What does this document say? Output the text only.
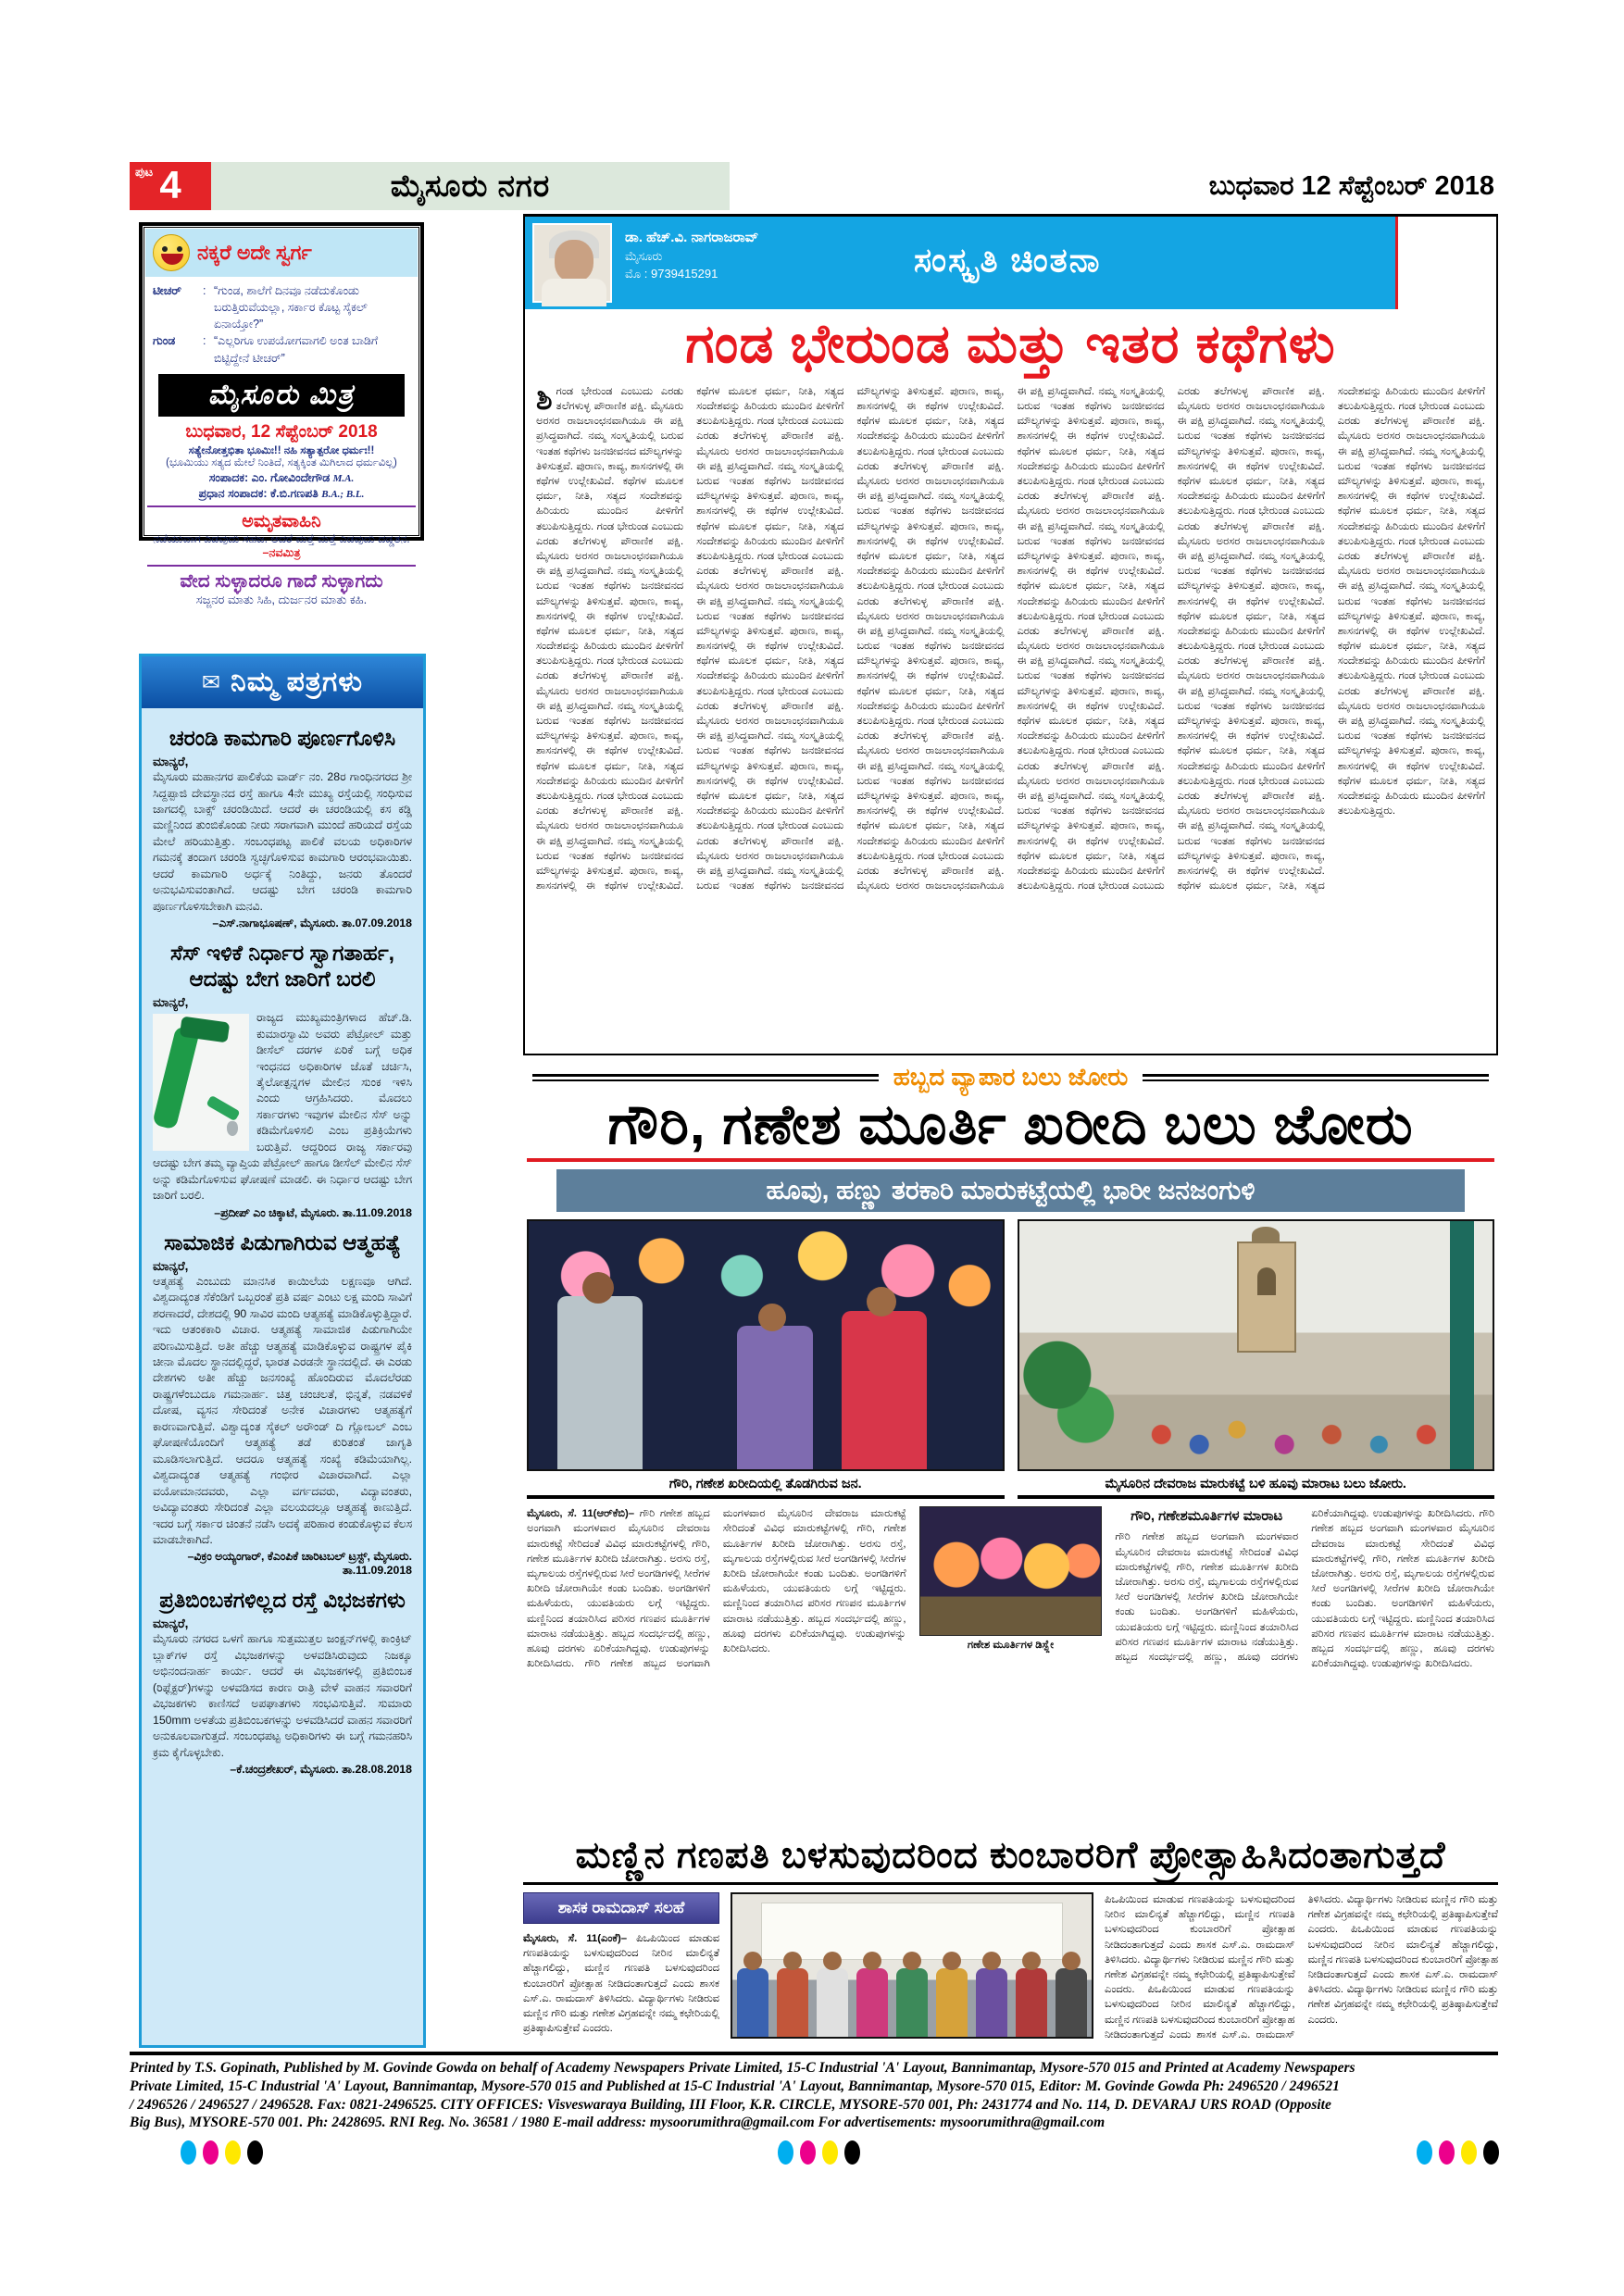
ಪುಟ 4	ಮೈಸೂರು ನಗರ	ಬುಧವಾರ 12 ಸೆಪ್ಟೆಂಬರ್ 2018
ನಕ್ಕರೆ ಅದೇ ಸ್ವರ್ಗ
ಟೀಚರ್	: “ಗುಂಡ, ಶಾಲೆಗೆ ದಿನವೂ ನಡೆದುಕೊಂಡು ಬರುತ್ತಿರುವೆಯಲ್ಲಾ, ಸರ್ಕಾರ ಕೊಟ್ಟ ಸೈಕಲ್ ಏನಾಯ್ತೋ?”
ಗುಂಡ	: “ಎಲ್ಲರಿಗೂ ಉಪಯೋಗವಾಗಲಿ ಅಂತ ಬಾಡಿಗೆ ಬಿಟ್ಟಿದ್ದೇನೆ ಟೀಚರ್”
ಮೈಸೂರು ಮಿತ್ರ
ಬುಧವಾರ, 12 ಸೆಪ್ಟೆಂಬರ್ 2018
ಸತ್ಯೇನೋತ್ತಭಿತಾ ಭೂಮಿಃ!! ನಹಿ ಸತ್ಯಾತ್ಪರೋ ಧರ್ಮಃ!!
(ಭೂಮಿಯು ಸತ್ಯದ ಮೇಲೆ ನಿಂತಿದೆ, ಸತ್ಯಕ್ಕಿಂತ ಮಿಗಿಲಾದ ಧರ್ಮವಿಲ್ಲ)
ಸಂಪಾದಕ: ಎಂ. ಗೋವಿಂದೇಗೌಡ M.A.
ಪ್ರಧಾನ ಸಂಪಾದಕ: ಕೆ.ಬಿ.ಗಣಪತಿ B.A.; B.L.
ಅಮೃತವಾಹಿನಿ
ನಡೆಯುವಾಗ ಎಡವುದು ಸಹಜ. ಆದರೆ ಮತ್ತೆ ಮತ್ತೆ ಎಡವುದು ದಡ್ಡತನ. –ನವಮಿತ್ರ
ವೇದ ಸುಳ್ಳಾದರೂ ಗಾದೆ ಸುಳ್ಳಾಗದು
ಸಜ್ಜನರ ಮಾತು ಸಿಹಿ, ದುರ್ಜನರ ಮಾತು ಕಹಿ.
✉ ನಿಮ್ಮ ಪತ್ರಗಳು
ಚರಂಡಿ ಕಾಮಗಾರಿ ಪೂರ್ಣಗೊಳಿಸಿ
ಮಾನ್ಯರೆ,
ಮೈಸೂರು ಮಹಾನಗರ ಪಾಲಿಕೆಯ ವಾರ್ಡ್ ನಂ. 28ರ ಗಾಂಧಿನಗರದ ಶ್ರೀ ಸಿದ್ದಪ್ಪಾಜಿ ದೇವಸ್ಥಾನದ ರಸ್ತೆ ಹಾಗೂ 4ನೇ ಮುಖ್ಯ ರಸ್ತೆಯಲ್ಲಿ ಸಂಧಿಸುವ ಜಾಗದಲ್ಲಿ ಬಾಕ್ಸ್ ಚರಂಡಿಯಿದೆ. ಆದರೆ ಈ ಚರಂಡಿಯಲ್ಲಿ ಕಸ ಕಡ್ಡಿ ಮಣ್ಣಿನಿಂದ ತುಂಬಿಕೊಂಡು ನೀರು ಸರಾಗವಾಗಿ ಮುಂದೆ ಹರಿಯದೆ ರಸ್ತೆಯ ಮೇಲೆ ಹರಿಯುತ್ತಿತ್ತು. ಸಂಬಂಧಪಟ್ಟ ಪಾಲಿಕೆ ವಲಯ ಅಧಿಕಾರಿಗಳ ಗಮನಕ್ಕೆ ತಂದಾಗ ಚರಂಡಿ ಸ್ವಚ್ಛಗೊಳಿಸುವ ಕಾಮಗಾರಿ ಆರಂಭವಾಯಿತು. ಆದರೆ ಕಾಮಗಾರಿ ಅರ್ಧಕ್ಕೆ ನಿಂತಿದ್ದು, ಜನರು ತೊಂದರೆ ಅನುಭವಿಸುವಂತಾಗಿದೆ. ಆದಷ್ಟು ಬೇಗ ಚರಂಡಿ ಕಾಮಗಾರಿ ಪೂರ್ಣಗೊಳಿಸಬೇಕಾಗಿ ಮನವಿ.
–ಎಸ್.ನಾಗಾಭೂಷಣ್, ಮೈಸೂರು. ತಾ.07.09.2018
ಸೆಸ್ ಇಳಿಕೆ ನಿರ್ಧಾರ ಸ್ವಾಗತಾರ್ಹ, ಆದಷ್ಟು ಬೇಗ ಜಾರಿಗೆ ಬರಲಿ
ಮಾನ್ಯರೆ,
ರಾಜ್ಯದ ಮುಖ್ಯಮಂತ್ರಿಗಳಾದ ಹೆಚ್.ಡಿ. ಕುಮಾರಸ್ವಾಮಿ ಅವರು ಪೆಟ್ರೋಲ್ ಮತ್ತು ಡೀಸೆಲ್ ದರಗಳ ಏರಿಕೆ ಬಗ್ಗೆ ಅಧಿಕ ಇಂಧನದ ಅಧಿಕಾರಿಗಳ ಜೊತೆ ಚರ್ಚಿಸಿ, ತೈಲೋತ್ಪನ್ನಗಳ ಮೇಲಿನ ಸುಂಕ ಇಳಿಸಿ ಎಂದು ಆಗ್ರಹಿಸಿದರು. ಮೊದಲು ಸರ್ಕಾರಗಳು ಇವುಗಳ ಮೇಲಿನ ಸೆಸ್ ಅನ್ನು ಕಡಿಮೆಗೊಳಿಸಲಿ ಎಂಬ ಪ್ರತಿಕ್ರಿಯೆಗಳು ಬರುತ್ತಿವೆ. ಆದ್ದರಿಂದ ರಾಜ್ಯ ಸರ್ಕಾರವು ಆದಷ್ಟು ಬೇಗ ತಮ್ಮ ವ್ಯಾಪ್ತಿಯ ಪೆಟ್ರೋಲ್ ಹಾಗೂ ಡೀಸೆಲ್ ಮೇಲಿನ ಸೆಸ್ ಅನ್ನು ಕಡಿಮೆಗೊಳಿಸುವ ಘೋಷಣೆ ಮಾಡಲಿ. ಈ ನಿರ್ಧಾರ ಆದಷ್ಟು ಬೇಗ ಜಾರಿಗೆ ಬರಲಿ.
–ಪ್ರದೀಪ್ ಎಂ ಚಿಕ್ಕಾಟೆ, ಮೈಸೂರು. ತಾ.11.09.2018
ಸಾಮಾಜಿಕ ಪಿಡುಗಾಗಿರುವ ಆತ್ಮಹತ್ಯೆ
ಮಾನ್ಯರೆ,
ಆತ್ಮಹತ್ಯೆ ಎಂಬುದು ಮಾನಸಿಕ ಕಾಯಿಲೆಯ ಲಕ್ಷಣವೂ ಆಗಿದೆ. ವಿಶ್ವದಾದ್ಯಂತ ಸೆಕೆಂಡಿಗೆ ಒಬ್ಬರಂತೆ ಪ್ರತಿ ವರ್ಷ ಎಂಟು ಲಕ್ಷ ಮಂದಿ ಸಾವಿಗೆ ಶರಣಾದರೆ, ದೇಶದಲ್ಲಿ 90 ಸಾವಿರ ಮಂದಿ ಆತ್ಮಹತ್ಯೆ ಮಾಡಿಕೊಳ್ಳುತ್ತಿದ್ದಾರೆ. ಇದು ಆತಂಕಕಾರಿ ವಿಚಾರ. ಆತ್ಮಹತ್ಯೆ ಸಾಮಾಜಿಕ ಪಿಡುಗಾಗಿಯೇ ಪರಿಣಮಿಸುತ್ತಿದೆ. ಅತೀ ಹೆಚ್ಚು ಆತ್ಮಹತ್ಯೆ ಮಾಡಿಕೊಳ್ಳುವ ರಾಷ್ಟ್ರಗಳ ಪೈಕಿ ಚೀನಾ ಮೊದಲ ಸ್ಥಾನದಲ್ಲಿದ್ದರೆ, ಭಾರತ ಎರಡನೇ ಸ್ಥಾನದಲ್ಲಿದೆ. ಈ ಎರಡು ದೇಶಗಳು ಅತೀ ಹೆಚ್ಚು ಜನಸಂಖ್ಯೆ ಹೊಂದಿರುವ ಮೊದಲೆರಡು ರಾಷ್ಟ್ರಗಳೆಂಬುದೂ ಗಮನಾರ್ಹ. ಚಿತ್ತ ಚಂಚಲತೆ, ಭಿನ್ನತೆ, ನಡವಳಿಕೆ ದೋಷ, ವ್ಯಸನ ಸೇರಿದಂತೆ ಅನೇಕ ವಿಚಾರಗಳು ಆತ್ಮಹತ್ಯೆಗೆ ಕಾರಣವಾಗುತ್ತಿವೆ. ವಿಶ್ವಾದ್ಯಂತ ಸೈಕಲ್ ಅರೌಂಡ್ ದಿ ಗ್ಲೋಬಲ್ ಎಂಬ ಘೋಷಣೆಯೊಂದಿಗೆ ಆತ್ಮಹತ್ಯೆ ತಡೆ ಕುರಿತಂತೆ ಜಾಗೃತಿ ಮೂಡಿಸಲಾಗುತ್ತಿದೆ. ಆದರೂ ಆತ್ಮಹತ್ಯೆ ಸಂಖ್ಯೆ ಕಡಿಮೆಯಾಗಿಲ್ಲ. ವಿಶ್ವದಾದ್ಯಂತ ಆತ್ಮಹತ್ಯೆ ಗಂಭೀರ ವಿಚಾರವಾಗಿದೆ. ಎಲ್ಲಾ ವಯೋಮಾನದವರು, ಎಲ್ಲಾ ವರ್ಗದವರು, ವಿದ್ಯಾವಂತರು, ಅವಿದ್ಯಾವಂತರು ಸೇರಿದಂತೆ ಎಲ್ಲಾ ವಲಯದಲ್ಲೂ ಆತ್ಮಹತ್ಯೆ ಕಾಣುತ್ತಿದೆ. ಇದರ ಬಗ್ಗೆ ಸರ್ಕಾರ ಚಿಂತನೆ ನಡೆಸಿ ಅದಕ್ಕೆ ಪರಿಹಾರ ಕಂಡುಕೊಳ್ಳುವ ಕೆಲಸ ಮಾಡಬೇಕಾಗಿದೆ.
–ವಿಕ್ರಂ ಅಯ್ಯಂಗಾರ್, ಕೆಎಂಪಿಕೆ ಚಾರಿಟಬಲ್ ಟ್ರಸ್ಟ್, ಮೈಸೂರು. ತಾ.11.09.2018
ಪ್ರತಿಬಿಂಬಕಗಳಿಲ್ಲದ ರಸ್ತೆ ವಿಭಜಕಗಳು
ಮಾನ್ಯರೆ,
ಮೈಸೂರು ನಗರದ ಒಳಗೆ ಹಾಗೂ ಸುತ್ತಮುತ್ತಲ ಜಂಕ್ಷನ್‌ಗಳಲ್ಲಿ ಕಾಂಕ್ರಿಟ್ ಬ್ಲಾಕ್‌ಗಳ ರಸ್ತೆ ವಿಭಜಕಗಳನ್ನು ಅಳವಡಿಸಿರುವುದು ನಿಜಕ್ಕೂ ಅಭಿನಂದನಾರ್ಹ ಕಾರ್ಯ. ಆದರೆ ಈ ವಿಭಜಕಗಳಲ್ಲಿ ಪ್ರತಿಬಿಂಬಕ (ರಿಫ್ಲೆಕ್ಟರ್)ಗಳನ್ನು ಅಳವಡಿಸದ ಕಾರಣ ರಾತ್ರಿ ವೇಳೆ ವಾಹನ ಸವಾರರಿಗೆ ವಿಭಜಕಗಳು ಕಾಣಿಸದೆ ಅಪಘಾತಗಳು ಸಂಭವಿಸುತ್ತಿವೆ. ಸುಮಾರು 150mm ಅಳತೆಯ ಪ್ರತಿಬಿಂಬಕಗಳನ್ನು ಅಳವಡಿಸಿದರೆ ವಾಹನ ಸವಾರರಿಗೆ ಅನುಕೂಲವಾಗುತ್ತದೆ. ಸಂಬಂಧಪಟ್ಟ ಅಧಿಕಾರಿಗಳು ಈ ಬಗ್ಗೆ ಗಮನಹರಿಸಿ ಕ್ರಮ ಕೈಗೊಳ್ಳಬೇಕು.
–ಕೆ.ಚಂದ್ರಶೇಖರ್, ಮೈಸೂರು. ತಾ.28.08.2018
ಡಾ. ಹೆಚ್.ವಿ. ನಾಗರಾಜರಾವ್
ಮೈಸೂರು
ಮೊ : 9739415291	ಸಂಸ್ಕೃತಿ ಚಿಂತನಾ
ಗಂಡ ಭೇರುಂಡ ಮತ್ತು ಇತರ ಕಥೆಗಳು
ಶಿ ಗಂಡ ಭೇರುಂಡ ಎಂಬುದು ಎರಡು ತಲೆಗಳುಳ್ಳ ಪೌರಾಣಿಕ ಪಕ್ಷಿ. ಮೈಸೂರು ಅರಸರ ರಾಜಲಾಂಛನವಾಗಿಯೂ ಈ ಪಕ್ಷಿ ಪ್ರಸಿದ್ಧವಾಗಿದೆ. ನಮ್ಮ ಸಂಸ್ಕೃತಿಯಲ್ಲಿ ಬರುವ ಇಂತಹ ಕಥೆಗಳು ಜನಜೀವನದ ಮೌಲ್ಯಗಳನ್ನು ತಿಳಿಸುತ್ತವೆ. ಪುರಾಣ, ಕಾವ್ಯ, ಶಾಸನಗಳಲ್ಲಿ ಈ ಕಥೆಗಳ ಉಲ್ಲೇಖವಿದೆ. ಕಥೆಗಳ ಮೂಲಕ ಧರ್ಮ, ನೀತಿ, ಸತ್ಯದ ಸಂದೇಶವನ್ನು ಹಿರಿಯರು ಮುಂದಿನ ಪೀಳಿಗೆಗೆ ತಲುಪಿಸುತ್ತಿದ್ದರು. ಗಂಡ ಭೇರುಂಡ ಎಂಬುದು ಎರಡು ತಲೆಗಳುಳ್ಳ ಪೌರಾಣಿಕ ಪಕ್ಷಿ. ಮೈಸೂರು ಅರಸರ ರಾಜಲಾಂಛನವಾಗಿಯೂ ಈ ಪಕ್ಷಿ ಪ್ರಸಿದ್ಧವಾಗಿದೆ. ನಮ್ಮ ಸಂಸ್ಕೃತಿಯಲ್ಲಿ ಬರುವ ಇಂತಹ ಕಥೆಗಳು ಜನಜೀವನದ ಮೌಲ್ಯಗಳನ್ನು ತಿಳಿಸುತ್ತವೆ. ಪುರಾಣ, ಕಾವ್ಯ, ಶಾಸನಗಳಲ್ಲಿ ಈ ಕಥೆಗಳ ಉಲ್ಲೇಖವಿದೆ. ಕಥೆಗಳ ಮೂಲಕ ಧರ್ಮ, ನೀತಿ, ಸತ್ಯದ ಸಂದೇಶವನ್ನು ಹಿರಿಯರು ಮುಂದಿನ ಪೀಳಿಗೆಗೆ ತಲುಪಿಸುತ್ತಿದ್ದರು. ಗಂಡ ಭೇರುಂಡ ಎಂಬುದು ಎರಡು ತಲೆಗಳುಳ್ಳ ಪೌರಾಣಿಕ ಪಕ್ಷಿ. ಮೈಸೂರು ಅರಸರ ರಾಜಲಾಂಛನವಾಗಿಯೂ ಈ ಪಕ್ಷಿ ಪ್ರಸಿದ್ಧವಾಗಿದೆ. ನಮ್ಮ ಸಂಸ್ಕೃತಿಯಲ್ಲಿ ಬರುವ ಇಂತಹ ಕಥೆಗಳು ಜನಜೀವನದ ಮೌಲ್ಯಗಳನ್ನು ತಿಳಿಸುತ್ತವೆ. ಪುರಾಣ, ಕಾವ್ಯ, ಶಾಸನಗಳಲ್ಲಿ ಈ ಕಥೆಗಳ ಉಲ್ಲೇಖವಿದೆ. ಕಥೆಗಳ ಮೂಲಕ ಧರ್ಮ, ನೀತಿ, ಸತ್ಯದ ಸಂದೇಶವನ್ನು ಹಿರಿಯರು ಮುಂದಿನ ಪೀಳಿಗೆಗೆ ತಲುಪಿಸುತ್ತಿದ್ದರು. ಗಂಡ ಭೇರುಂಡ ಎಂಬುದು ಎರಡು ತಲೆಗಳುಳ್ಳ ಪೌರಾಣಿಕ ಪಕ್ಷಿ. ಮೈಸೂರು ಅರಸರ ರಾಜಲಾಂಛನವಾಗಿಯೂ ಈ ಪಕ್ಷಿ ಪ್ರಸಿದ್ಧವಾಗಿದೆ. ನಮ್ಮ ಸಂಸ್ಕೃತಿಯಲ್ಲಿ ಬರುವ ಇಂತಹ ಕಥೆಗಳು ಜನಜೀವನದ ಮೌಲ್ಯಗಳನ್ನು ತಿಳಿಸುತ್ತವೆ. ಪುರಾಣ, ಕಾವ್ಯ, ಶಾಸನಗಳಲ್ಲಿ ಈ ಕಥೆಗಳ ಉಲ್ಲೇಖವಿದೆ. ಕಥೆಗಳ ಮೂಲಕ ಧರ್ಮ, ನೀತಿ, ಸತ್ಯದ ಸಂದೇಶವನ್ನು ಹಿರಿಯರು ಮುಂದಿನ ಪೀಳಿಗೆಗೆ ತಲುಪಿಸುತ್ತಿದ್ದರು. ಗಂಡ ಭೇರುಂಡ ಎಂಬುದು ಎರಡು ತಲೆಗಳುಳ್ಳ ಪೌರಾಣಿಕ ಪಕ್ಷಿ. ಮೈಸೂರು ಅರಸರ ರಾಜಲಾಂಛನವಾಗಿಯೂ ಈ ಪಕ್ಷಿ ಪ್ರಸಿದ್ಧವಾಗಿದೆ. ನಮ್ಮ ಸಂಸ್ಕೃತಿಯಲ್ಲಿ ಬರುವ ಇಂತಹ ಕಥೆಗಳು ಜನಜೀವನದ ಮೌಲ್ಯಗಳನ್ನು ತಿಳಿಸುತ್ತವೆ. ಪುರಾಣ, ಕಾವ್ಯ, ಶಾಸನಗಳಲ್ಲಿ ಈ ಕಥೆಗಳ ಉಲ್ಲೇಖವಿದೆ. ಕಥೆಗಳ ಮೂಲಕ ಧರ್ಮ, ನೀತಿ, ಸತ್ಯದ ಸಂದೇಶವನ್ನು ಹಿರಿಯರು ಮುಂದಿನ ಪೀಳಿಗೆಗೆ ತಲುಪಿಸುತ್ತಿದ್ದರು. ಗಂಡ ಭೇರುಂಡ ಎಂಬುದು ಎರಡು ತಲೆಗಳುಳ್ಳ ಪೌರಾಣಿಕ ಪಕ್ಷಿ. ಮೈಸೂರು ಅರಸರ ರಾಜಲಾಂಛನವಾಗಿಯೂ ಈ ಪಕ್ಷಿ ಪ್ರಸಿದ್ಧವಾಗಿದೆ. ನಮ್ಮ ಸಂಸ್ಕೃತಿಯಲ್ಲಿ ಬರುವ ಇಂತಹ ಕಥೆಗಳು ಜನಜೀವನದ ಮೌಲ್ಯಗಳನ್ನು ತಿಳಿಸುತ್ತವೆ. ಪುರಾಣ, ಕಾವ್ಯ, ಶಾಸನಗಳಲ್ಲಿ ಈ ಕಥೆಗಳ ಉಲ್ಲೇಖವಿದೆ. ಕಥೆಗಳ ಮೂಲಕ ಧರ್ಮ, ನೀತಿ, ಸತ್ಯದ ಸಂದೇಶವನ್ನು ಹಿರಿಯರು ಮುಂದಿನ ಪೀಳಿಗೆಗೆ ತಲುಪಿಸುತ್ತಿದ್ದರು. ಗಂಡ ಭೇರುಂಡ ಎಂಬುದು ಎರಡು ತಲೆಗಳುಳ್ಳ ಪೌರಾಣಿಕ ಪಕ್ಷಿ. ಮೈಸೂರು ಅರಸರ ರಾಜಲಾಂಛನವಾಗಿಯೂ ಈ ಪಕ್ಷಿ ಪ್ರಸಿದ್ಧವಾಗಿದೆ. ನಮ್ಮ ಸಂಸ್ಕೃತಿಯಲ್ಲಿ ಬರುವ ಇಂತಹ ಕಥೆಗಳು ಜನಜೀವನದ ಮೌಲ್ಯಗಳನ್ನು ತಿಳಿಸುತ್ತವೆ. ಪುರಾಣ, ಕಾವ್ಯ, ಶಾಸನಗಳಲ್ಲಿ ಈ ಕಥೆಗಳ ಉಲ್ಲೇಖವಿದೆ. ಕಥೆಗಳ ಮೂಲಕ ಧರ್ಮ, ನೀತಿ, ಸತ್ಯದ ಸಂದೇಶವನ್ನು ಹಿರಿಯರು ಮುಂದಿನ ಪೀಳಿಗೆಗೆ ತಲುಪಿಸುತ್ತಿದ್ದರು. ಗಂಡ ಭೇರುಂಡ ಎಂಬುದು ಎರಡು ತಲೆಗಳುಳ್ಳ ಪೌರಾಣಿಕ ಪಕ್ಷಿ. ಮೈಸೂರು ಅರಸರ ರಾಜಲಾಂಛನವಾಗಿಯೂ ಈ ಪಕ್ಷಿ ಪ್ರಸಿದ್ಧವಾಗಿದೆ. ನಮ್ಮ ಸಂಸ್ಕೃತಿಯಲ್ಲಿ ಬರುವ ಇಂತಹ ಕಥೆಗಳು ಜನಜೀವನದ ಮೌಲ್ಯಗಳನ್ನು ತಿಳಿಸುತ್ತವೆ. ಪುರಾಣ, ಕಾವ್ಯ, ಶಾಸನಗಳಲ್ಲಿ ಈ ಕಥೆಗಳ ಉಲ್ಲೇಖವಿದೆ. ಕಥೆಗಳ ಮೂಲಕ ಧರ್ಮ, ನೀತಿ, ಸತ್ಯದ ಸಂದೇಶವನ್ನು ಹಿರಿಯರು ಮುಂದಿನ ಪೀಳಿಗೆಗೆ ತಲುಪಿಸುತ್ತಿದ್ದರು. ಗಂಡ ಭೇರುಂಡ ಎಂಬುದು ಎರಡು ತಲೆಗಳುಳ್ಳ ಪೌರಾಣಿಕ ಪಕ್ಷಿ. ಮೈಸೂರು ಅರಸರ ರಾಜಲಾಂಛನವಾಗಿಯೂ ಈ ಪಕ್ಷಿ ಪ್ರಸಿದ್ಧವಾಗಿದೆ. ನಮ್ಮ ಸಂಸ್ಕೃತಿಯಲ್ಲಿ ಬರುವ ಇಂತಹ ಕಥೆಗಳು ಜನಜೀವನದ ಮೌಲ್ಯಗಳನ್ನು ತಿಳಿಸುತ್ತವೆ. ಪುರಾಣ, ಕಾವ್ಯ, ಶಾಸನಗಳಲ್ಲಿ ಈ ಕಥೆಗಳ ಉಲ್ಲೇಖವಿದೆ. ಕಥೆಗಳ ಮೂಲಕ ಧರ್ಮ, ನೀತಿ, ಸತ್ಯದ ಸಂದೇಶವನ್ನು ಹಿರಿಯರು ಮುಂದಿನ ಪೀಳಿಗೆಗೆ ತಲುಪಿಸುತ್ತಿದ್ದರು. ಗಂಡ ಭೇರುಂಡ ಎಂಬುದು ಎರಡು ತಲೆಗಳುಳ್ಳ ಪೌರಾಣಿಕ ಪಕ್ಷಿ. ಮೈಸೂರು ಅರಸರ ರಾಜಲಾಂಛನವಾಗಿಯೂ ಈ ಪಕ್ಷಿ ಪ್ರಸಿದ್ಧವಾಗಿದೆ. ನಮ್ಮ ಸಂಸ್ಕೃತಿಯಲ್ಲಿ ಬರುವ ಇಂತಹ ಕಥೆಗಳು ಜನಜೀವನದ ಮೌಲ್ಯಗಳನ್ನು ತಿಳಿಸುತ್ತವೆ. ಪುರಾಣ, ಕಾವ್ಯ, ಶಾಸನಗಳಲ್ಲಿ ಈ ಕಥೆಗಳ ಉಲ್ಲೇಖವಿದೆ. ಕಥೆಗಳ ಮೂಲಕ ಧರ್ಮ, ನೀತಿ, ಸತ್ಯದ ಸಂದೇಶವನ್ನು ಹಿರಿಯರು ಮುಂದಿನ ಪೀಳಿಗೆಗೆ ತಲುಪಿಸುತ್ತಿದ್ದರು. ಗಂಡ ಭೇರುಂಡ ಎಂಬುದು ಎರಡು ತಲೆಗಳುಳ್ಳ ಪೌರಾಣಿಕ ಪಕ್ಷಿ. ಮೈಸೂರು ಅರಸರ ರಾಜಲಾಂಛನವಾಗಿಯೂ ಈ ಪಕ್ಷಿ ಪ್ರಸಿದ್ಧವಾಗಿದೆ. ನಮ್ಮ ಸಂಸ್ಕೃತಿಯಲ್ಲಿ ಬರುವ ಇಂತಹ ಕಥೆಗಳು ಜನಜೀವನದ ಮೌಲ್ಯಗಳನ್ನು ತಿಳಿಸುತ್ತವೆ. ಪುರಾಣ, ಕಾವ್ಯ, ಶಾಸನಗಳಲ್ಲಿ ಈ ಕಥೆಗಳ ಉಲ್ಲೇಖವಿದೆ. ಕಥೆಗಳ ಮೂಲಕ ಧರ್ಮ, ನೀತಿ, ಸತ್ಯದ ಸಂದೇಶವನ್ನು ಹಿರಿಯರು ಮುಂದಿನ ಪೀಳಿಗೆಗೆ ತಲುಪಿಸುತ್ತಿದ್ದರು. ಗಂಡ ಭೇರುಂಡ ಎಂಬುದು ಎರಡು ತಲೆಗಳುಳ್ಳ ಪೌರಾಣಿಕ ಪಕ್ಷಿ. ಮೈಸೂರು ಅರಸರ ರಾಜಲಾಂಛನವಾಗಿಯೂ ಈ ಪಕ್ಷಿ ಪ್ರಸಿದ್ಧವಾಗಿದೆ. ನಮ್ಮ ಸಂಸ್ಕೃತಿಯಲ್ಲಿ ಬರುವ ಇಂತಹ ಕಥೆಗಳು ಜನಜೀವನದ ಮೌಲ್ಯಗಳನ್ನು ತಿಳಿಸುತ್ತವೆ. ಪುರಾಣ, ಕಾವ್ಯ, ಶಾಸನಗಳಲ್ಲಿ ಈ ಕಥೆಗಳ ಉಲ್ಲೇಖವಿದೆ. ಕಥೆಗಳ ಮೂಲಕ ಧರ್ಮ, ನೀತಿ, ಸತ್ಯದ ಸಂದೇಶವನ್ನು ಹಿರಿಯರು ಮುಂದಿನ ಪೀಳಿಗೆಗೆ ತಲುಪಿಸುತ್ತಿದ್ದರು. ಗಂಡ ಭೇರುಂಡ ಎಂಬುದು ಎರಡು ತಲೆಗಳುಳ್ಳ ಪೌರಾಣಿಕ ಪಕ್ಷಿ. ಮೈಸೂರು ಅರಸರ ರಾಜಲಾಂಛನವಾಗಿಯೂ ಈ ಪಕ್ಷಿ ಪ್ರಸಿದ್ಧವಾಗಿದೆ. ನಮ್ಮ ಸಂಸ್ಕೃತಿಯಲ್ಲಿ ಬರುವ ಇಂತಹ ಕಥೆಗಳು ಜನಜೀವನದ ಮೌಲ್ಯಗಳನ್ನು ತಿಳಿಸುತ್ತವೆ. ಪುರಾಣ, ಕಾವ್ಯ, ಶಾಸನಗಳಲ್ಲಿ ಈ ಕಥೆಗಳ ಉಲ್ಲೇಖವಿದೆ. ಕಥೆಗಳ ಮೂಲಕ ಧರ್ಮ, ನೀತಿ, ಸತ್ಯದ ಸಂದೇಶವನ್ನು ಹಿರಿಯರು ಮುಂದಿನ ಪೀಳಿಗೆಗೆ ತಲುಪಿಸುತ್ತಿದ್ದರು. ಗಂಡ ಭೇರುಂಡ ಎಂಬುದು ಎರಡು ತಲೆಗಳುಳ್ಳ ಪೌರಾಣಿಕ ಪಕ್ಷಿ. ಮೈಸೂರು ಅರಸರ ರಾಜಲಾಂಛನವಾಗಿಯೂ ಈ ಪಕ್ಷಿ ಪ್ರಸಿದ್ಧವಾಗಿದೆ. ನಮ್ಮ ಸಂಸ್ಕೃತಿಯಲ್ಲಿ ಬರುವ ಇಂತಹ ಕಥೆಗಳು ಜನಜೀವನದ ಮೌಲ್ಯಗಳನ್ನು ತಿಳಿಸುತ್ತವೆ. ಪುರಾಣ, ಕಾವ್ಯ, ಶಾಸನಗಳಲ್ಲಿ ಈ ಕಥೆಗಳ ಉಲ್ಲೇಖವಿದೆ. ಕಥೆಗಳ ಮೂಲಕ ಧರ್ಮ, ನೀತಿ, ಸತ್ಯದ ಸಂದೇಶವನ್ನು ಹಿರಿಯರು ಮುಂದಿನ ಪೀಳಿಗೆಗೆ ತಲುಪಿಸುತ್ತಿದ್ದರು. ಗಂಡ ಭೇರುಂಡ ಎಂಬುದು ಎರಡು ತಲೆಗಳುಳ್ಳ ಪೌರಾಣಿಕ ಪಕ್ಷಿ. ಮೈಸೂರು ಅರಸರ ರಾಜಲಾಂಛನವಾಗಿಯೂ ಈ ಪಕ್ಷಿ ಪ್ರಸಿದ್ಧವಾಗಿದೆ. ನಮ್ಮ ಸಂಸ್ಕೃತಿಯಲ್ಲಿ ಬರುವ ಇಂತಹ ಕಥೆಗಳು ಜನಜೀವನದ ಮೌಲ್ಯಗಳನ್ನು ತಿಳಿಸುತ್ತವೆ. ಪುರಾಣ, ಕಾವ್ಯ, ಶಾಸನಗಳಲ್ಲಿ ಈ ಕಥೆಗಳ ಉಲ್ಲೇಖವಿದೆ. ಕಥೆಗಳ ಮೂಲಕ ಧರ್ಮ, ನೀತಿ, ಸತ್ಯದ ಸಂದೇಶವನ್ನು ಹಿರಿಯರು ಮುಂದಿನ ಪೀಳಿಗೆಗೆ ತಲುಪಿಸುತ್ತಿದ್ದರು. ಗಂಡ ಭೇರುಂಡ ಎಂಬುದು ಎರಡು ತಲೆಗಳುಳ್ಳ ಪೌರಾಣಿಕ ಪಕ್ಷಿ. ಮೈಸೂರು ಅರಸರ ರಾಜಲಾಂಛನವಾಗಿಯೂ ಈ ಪಕ್ಷಿ ಪ್ರಸಿದ್ಧವಾಗಿದೆ. ನಮ್ಮ ಸಂಸ್ಕೃತಿಯಲ್ಲಿ ಬರುವ ಇಂತಹ ಕಥೆಗಳು ಜನಜೀವನದ ಮೌಲ್ಯಗಳನ್ನು ತಿಳಿಸುತ್ತವೆ. ಪುರಾಣ, ಕಾವ್ಯ, ಶಾಸನಗಳಲ್ಲಿ ಈ ಕಥೆಗಳ ಉಲ್ಲೇಖವಿದೆ. ಕಥೆಗಳ ಮೂಲಕ ಧರ್ಮ, ನೀತಿ, ಸತ್ಯದ ಸಂದೇಶವನ್ನು ಹಿರಿಯರು ಮುಂದಿನ ಪೀಳಿಗೆಗೆ ತಲುಪಿಸುತ್ತಿದ್ದರು. ಗಂಡ ಭೇರುಂಡ ಎಂಬುದು ಎರಡು ತಲೆಗಳುಳ್ಳ ಪೌರಾಣಿಕ ಪಕ್ಷಿ. ಮೈಸೂರು ಅರಸರ ರಾಜಲಾಂಛನವಾಗಿಯೂ ಈ ಪಕ್ಷಿ ಪ್ರಸಿದ್ಧವಾಗಿದೆ. ನಮ್ಮ ಸಂಸ್ಕೃತಿಯಲ್ಲಿ ಬರುವ ಇಂತಹ ಕಥೆಗಳು ಜನಜೀವನದ ಮೌಲ್ಯಗಳನ್ನು ತಿಳಿಸುತ್ತವೆ. ಪುರಾಣ, ಕಾವ್ಯ, ಶಾಸನಗಳಲ್ಲಿ ಈ ಕಥೆಗಳ ಉಲ್ಲೇಖವಿದೆ. ಕಥೆಗಳ ಮೂಲಕ ಧರ್ಮ, ನೀತಿ, ಸತ್ಯದ ಸಂದೇಶವನ್ನು ಹಿರಿಯರು ಮುಂದಿನ ಪೀಳಿಗೆಗೆ ತಲುಪಿಸುತ್ತಿದ್ದರು. ಗಂಡ ಭೇರುಂಡ ಎಂಬುದು ಎರಡು ತಲೆಗಳುಳ್ಳ ಪೌರಾಣಿಕ ಪಕ್ಷಿ. ಮೈಸೂರು ಅರಸರ ರಾಜಲಾಂಛನವಾಗಿಯೂ ಈ ಪಕ್ಷಿ ಪ್ರಸಿದ್ಧವಾಗಿದೆ. ನಮ್ಮ ಸಂಸ್ಕೃತಿಯಲ್ಲಿ ಬರುವ ಇಂತಹ ಕಥೆಗಳು ಜನಜೀವನದ ಮೌಲ್ಯಗಳನ್ನು ತಿಳಿಸುತ್ತವೆ. ಪುರಾಣ, ಕಾವ್ಯ, ಶಾಸನಗಳಲ್ಲಿ ಈ ಕಥೆಗಳ ಉಲ್ಲೇಖವಿದೆ. ಕಥೆಗಳ ಮೂಲಕ ಧರ್ಮ, ನೀತಿ, ಸತ್ಯದ ಸಂದೇಶವನ್ನು ಹಿರಿಯರು ಮುಂದಿನ ಪೀಳಿಗೆಗೆ ತಲುಪಿಸುತ್ತಿದ್ದರು. ಗಂಡ ಭೇರುಂಡ ಎಂಬುದು ಎರಡು ತಲೆಗಳುಳ್ಳ ಪೌರಾಣಿಕ ಪಕ್ಷಿ. ಮೈಸೂರು ಅರಸರ ರಾಜಲಾಂಛನವಾಗಿಯೂ ಈ ಪಕ್ಷಿ ಪ್ರಸಿದ್ಧವಾಗಿದೆ. ನಮ್ಮ ಸಂಸ್ಕೃತಿಯಲ್ಲಿ ಬರುವ ಇಂತಹ ಕಥೆಗಳು ಜನಜೀವನದ ಮೌಲ್ಯಗಳನ್ನು ತಿಳಿಸುತ್ತವೆ. ಪುರಾಣ, ಕಾವ್ಯ, ಶಾಸನಗಳಲ್ಲಿ ಈ ಕಥೆಗಳ ಉಲ್ಲೇಖವಿದೆ. ಕಥೆಗಳ ಮೂಲಕ ಧರ್ಮ, ನೀತಿ, ಸತ್ಯದ ಸಂದೇಶವನ್ನು ಹಿರಿಯರು ಮುಂದಿನ ಪೀಳಿಗೆಗೆ ತಲುಪಿಸುತ್ತಿದ್ದರು. ಗಂಡ ಭೇರುಂಡ ಎಂಬುದು ಎರಡು ತಲೆಗಳುಳ್ಳ ಪೌರಾಣಿಕ ಪಕ್ಷಿ. ಮೈಸೂರು ಅರಸರ ರಾಜಲಾಂಛನವಾಗಿಯೂ ಈ ಪಕ್ಷಿ ಪ್ರಸಿದ್ಧವಾಗಿದೆ. ನಮ್ಮ ಸಂಸ್ಕೃತಿಯಲ್ಲಿ ಬರುವ ಇಂತಹ ಕಥೆಗಳು ಜನಜೀವನದ ಮೌಲ್ಯಗಳನ್ನು ತಿಳಿಸುತ್ತವೆ. ಪುರಾಣ, ಕಾವ್ಯ, ಶಾಸನಗಳಲ್ಲಿ ಈ ಕಥೆಗಳ ಉಲ್ಲೇಖವಿದೆ. ಕಥೆಗಳ ಮೂಲಕ ಧರ್ಮ, ನೀತಿ, ಸತ್ಯದ ಸಂದೇಶವನ್ನು ಹಿರಿಯರು ಮುಂದಿನ ಪೀಳಿಗೆಗೆ ತಲುಪಿಸುತ್ತಿದ್ದರು. ಗಂಡ ಭೇರುಂಡ ಎಂಬುದು ಎರಡು ತಲೆಗಳುಳ್ಳ ಪೌರಾಣಿಕ ಪಕ್ಷಿ. ಮೈಸೂರು ಅರಸರ ರಾಜಲಾಂಛನವಾಗಿಯೂ ಈ ಪಕ್ಷಿ ಪ್ರಸಿದ್ಧವಾಗಿದೆ. ನಮ್ಮ ಸಂಸ್ಕೃತಿಯಲ್ಲಿ ಬರುವ ಇಂತಹ ಕಥೆಗಳು ಜನಜೀವನದ ಮೌಲ್ಯಗಳನ್ನು ತಿಳಿಸುತ್ತವೆ. ಪುರಾಣ, ಕಾವ್ಯ, ಶಾಸನಗಳಲ್ಲಿ ಈ ಕಥೆಗಳ ಉಲ್ಲೇಖವಿದೆ. ಕಥೆಗಳ ಮೂಲಕ ಧರ್ಮ, ನೀತಿ, ಸತ್ಯದ ಸಂದೇಶವನ್ನು ಹಿರಿಯರು ಮುಂದಿನ ಪೀಳಿಗೆಗೆ ತಲುಪಿಸುತ್ತಿದ್ದರು. ಗಂಡ ಭೇರುಂಡ ಎಂಬುದು ಎರಡು ತಲೆಗಳುಳ್ಳ ಪೌರಾಣಿಕ ಪಕ್ಷಿ. ಮೈಸೂರು ಅರಸರ ರಾಜಲಾಂಛನವಾಗಿಯೂ ಈ ಪಕ್ಷಿ ಪ್ರಸಿದ್ಧವಾಗಿದೆ. ನಮ್ಮ ಸಂಸ್ಕೃತಿಯಲ್ಲಿ ಬರುವ ಇಂತಹ ಕಥೆಗಳು ಜನಜೀವನದ ಮೌಲ್ಯಗಳನ್ನು ತಿಳಿಸುತ್ತವೆ. ಪುರಾಣ, ಕಾವ್ಯ, ಶಾಸನಗಳಲ್ಲಿ ಈ ಕಥೆಗಳ ಉಲ್ಲೇಖವಿದೆ. ಕಥೆಗಳ ಮೂಲಕ ಧರ್ಮ, ನೀತಿ, ಸತ್ಯದ ಸಂದೇಶವನ್ನು ಹಿರಿಯರು ಮುಂದಿನ ಪೀಳಿಗೆಗೆ ತಲುಪಿಸುತ್ತಿದ್ದರು.
ಹಬ್ಬದ ವ್ಯಾಪಾರ ಬಲು ಜೋರು
ಗೌರಿ, ಗಣೇಶ ಮೂರ್ತಿ ಖರೀದಿ ಬಲು ಜೋರು
ಹೂವು, ಹಣ್ಣು ತರಕಾರಿ ಮಾರುಕಟ್ಟೆಯಲ್ಲಿ ಭಾರೀ ಜನಜಂಗುಳಿ
ಗೌರಿ, ಗಣೇಶ ಖರೀದಿಯಲ್ಲಿ ತೊಡಗಿರುವ ಜನ.	ಮೈಸೂರಿನ ದೇವರಾಜ ಮಾರುಕಟ್ಟೆ ಬಳಿ ಹೂವು ಮಾರಾಟ ಬಲು ಜೋರು.
ಮೈಸೂರು, ಸೆ. 11(ಆರ್‌ಕೆಬಿ)– ಗೌರಿ ಗಣೇಶ ಹಬ್ಬದ ಅಂಗವಾಗಿ ಮಂಗಳವಾರ ಮೈಸೂರಿನ ದೇವರಾಜ ಮಾರುಕಟ್ಟೆ ಸೇರಿದಂತೆ ವಿವಿಧ ಮಾರುಕಟ್ಟೆಗಳಲ್ಲಿ ಗೌರಿ, ಗಣೇಶ ಮೂರ್ತಿಗಳ ಖರೀದಿ ಜೋರಾಗಿತ್ತು. ಅರಸು ರಸ್ತೆ, ಮೃಗಾಲಯ ರಸ್ತೆಗಳಲ್ಲಿರುವ ಸೀರೆ ಅಂಗಡಿಗಳಲ್ಲಿ ಸೀರೆಗಳ ಖರೀದಿ ಜೋರಾಗಿಯೇ ಕಂಡು ಬಂದಿತು. ಅಂಗಡಿಗಳಿಗೆ ಮಹಿಳೆಯರು, ಯುವತಿಯರು ಲಗ್ಗೆ ಇಟ್ಟಿದ್ದರು. ಮಣ್ಣಿನಿಂದ ತಯಾರಿಸಿದ ಪರಿಸರ ಗಣಪನ ಮೂರ್ತಿಗಳ ಮಾರಾಟ ನಡೆಯುತ್ತಿತ್ತು. ಹಬ್ಬದ ಸಂದರ್ಭದಲ್ಲಿ ಹಣ್ಣು, ಹೂವು ದರಗಳು ಏರಿಕೆಯಾಗಿದ್ದವು. ಉಡುಪುಗಳನ್ನು ಖರೀದಿಸಿದರು. ಗೌರಿ ಗಣೇಶ ಹಬ್ಬದ ಅಂಗವಾಗಿ ಮಂಗಳವಾರ ಮೈಸೂರಿನ ದೇವರಾಜ ಮಾರುಕಟ್ಟೆ ಸೇರಿದಂತೆ ವಿವಿಧ ಮಾರುಕಟ್ಟೆಗಳಲ್ಲಿ ಗೌರಿ, ಗಣೇಶ ಮೂರ್ತಿಗಳ ಖರೀದಿ ಜೋರಾಗಿತ್ತು. ಅರಸು ರಸ್ತೆ, ಮೃಗಾಲಯ ರಸ್ತೆಗಳಲ್ಲಿರುವ ಸೀರೆ ಅಂಗಡಿಗಳಲ್ಲಿ ಸೀರೆಗಳ ಖರೀದಿ ಜೋರಾಗಿಯೇ ಕಂಡು ಬಂದಿತು. ಅಂಗಡಿಗಳಿಗೆ ಮಹಿಳೆಯರು, ಯುವತಿಯರು ಲಗ್ಗೆ ಇಟ್ಟಿದ್ದರು. ಮಣ್ಣಿನಿಂದ ತಯಾರಿಸಿದ ಪರಿಸರ ಗಣಪನ ಮೂರ್ತಿಗಳ ಮಾರಾಟ ನಡೆಯುತ್ತಿತ್ತು. ಹಬ್ಬದ ಸಂದರ್ಭದಲ್ಲಿ ಹಣ್ಣು, ಹೂವು ದರಗಳು ಏರಿಕೆಯಾಗಿದ್ದವು. ಉಡುಪುಗಳನ್ನು ಖರೀದಿಸಿದರು.	ಗಣೇಶ ಮೂರ್ತಿಗಳ ಡಿಸ್ಪ್ಲೇ
ಗೌರಿ, ಗಣೇಶಮೂರ್ತಿಗಳ ಮಾರಾಟ
ಗೌರಿ ಗಣೇಶ ಹಬ್ಬದ ಅಂಗವಾಗಿ ಮಂಗಳವಾರ ಮೈಸೂರಿನ ದೇವರಾಜ ಮಾರುಕಟ್ಟೆ ಸೇರಿದಂತೆ ವಿವಿಧ ಮಾರುಕಟ್ಟೆಗಳಲ್ಲಿ ಗೌರಿ, ಗಣೇಶ ಮೂರ್ತಿಗಳ ಖರೀದಿ ಜೋರಾಗಿತ್ತು. ಅರಸು ರಸ್ತೆ, ಮೃಗಾಲಯ ರಸ್ತೆಗಳಲ್ಲಿರುವ ಸೀರೆ ಅಂಗಡಿಗಳಲ್ಲಿ ಸೀರೆಗಳ ಖರೀದಿ ಜೋರಾಗಿಯೇ ಕಂಡು ಬಂದಿತು. ಅಂಗಡಿಗಳಿಗೆ ಮಹಿಳೆಯರು, ಯುವತಿಯರು ಲಗ್ಗೆ ಇಟ್ಟಿದ್ದರು. ಮಣ್ಣಿನಿಂದ ತಯಾರಿಸಿದ ಪರಿಸರ ಗಣಪನ ಮೂರ್ತಿಗಳ ಮಾರಾಟ ನಡೆಯುತ್ತಿತ್ತು. ಹಬ್ಬದ ಸಂದರ್ಭದಲ್ಲಿ ಹಣ್ಣು, ಹೂವು ದರಗಳು ಏರಿಕೆಯಾಗಿದ್ದವು. ಉಡುಪುಗಳನ್ನು ಖರೀದಿಸಿದರು. ಗೌರಿ ಗಣೇಶ ಹಬ್ಬದ ಅಂಗವಾಗಿ ಮಂಗಳವಾರ ಮೈಸೂರಿನ ದೇವರಾಜ ಮಾರುಕಟ್ಟೆ ಸೇರಿದಂತೆ ವಿವಿಧ ಮಾರುಕಟ್ಟೆಗಳಲ್ಲಿ ಗೌರಿ, ಗಣೇಶ ಮೂರ್ತಿಗಳ ಖರೀದಿ ಜೋರಾಗಿತ್ತು. ಅರಸು ರಸ್ತೆ, ಮೃಗಾಲಯ ರಸ್ತೆಗಳಲ್ಲಿರುವ ಸೀರೆ ಅಂಗಡಿಗಳಲ್ಲಿ ಸೀರೆಗಳ ಖರೀದಿ ಜೋರಾಗಿಯೇ ಕಂಡು ಬಂದಿತು. ಅಂಗಡಿಗಳಿಗೆ ಮಹಿಳೆಯರು, ಯುವತಿಯರು ಲಗ್ಗೆ ಇಟ್ಟಿದ್ದರು. ಮಣ್ಣಿನಿಂದ ತಯಾರಿಸಿದ ಪರಿಸರ ಗಣಪನ ಮೂರ್ತಿಗಳ ಮಾರಾಟ ನಡೆಯುತ್ತಿತ್ತು. ಹಬ್ಬದ ಸಂದರ್ಭದಲ್ಲಿ ಹಣ್ಣು, ಹೂವು ದರಗಳು ಏರಿಕೆಯಾಗಿದ್ದವು. ಉಡುಪುಗಳನ್ನು ಖರೀದಿಸಿದರು.
ಮಣ್ಣಿನ ಗಣಪತಿ ಬಳಸುವುದರಿಂದ ಕುಂಬಾರರಿಗೆ ಪ್ರೋತ್ಸಾಹಿಸಿದಂತಾಗುತ್ತದೆ
ಶಾಸಕ ರಾಮದಾಸ್ ಸಲಹೆ
ಮೈಸೂರು, ಸೆ. 11(ಎಂಕೆ)– ಪಿಒಪಿಯಿಂದ ಮಾಡುವ ಗಣಪತಿಯನ್ನು ಬಳಸುವುದರಿಂದ ನೀರಿನ ಮಾಲಿನ್ಯತೆ ಹೆಚ್ಚಾಗಲಿದ್ದು, ಮಣ್ಣಿನ ಗಣಪತಿ ಬಳಸುವುದರಿಂದ ಕುಂಬಾರರಿಗೆ ಪ್ರೋತ್ಸಾಹ ನೀಡಿದಂತಾಗುತ್ತದೆ ಎಂದು ಶಾಸಕ ಎಸ್.ಎ. ರಾಮದಾಸ್ ತಿಳಿಸಿದರು. ವಿದ್ಯಾರ್ಥಿಗಳು ನೀಡಿರುವ ಮಣ್ಣಿನ ಗೌರಿ ಮತ್ತು ಗಣೇಶ ವಿಗ್ರಹವನ್ನೇ ನಮ್ಮ ಕಛೇರಿಯಲ್ಲಿ ಪ್ರತಿಷ್ಠಾಪಿಸುತ್ತೇವೆ ಎಂದರು.
ಪಿಒಪಿಯಿಂದ ಮಾಡುವ ಗಣಪತಿಯನ್ನು ಬಳಸುವುದರಿಂದ ನೀರಿನ ಮಾಲಿನ್ಯತೆ ಹೆಚ್ಚಾಗಲಿದ್ದು, ಮಣ್ಣಿನ ಗಣಪತಿ ಬಳಸುವುದರಿಂದ ಕುಂಬಾರರಿಗೆ ಪ್ರೋತ್ಸಾಹ ನೀಡಿದಂತಾಗುತ್ತದೆ ಎಂದು ಶಾಸಕ ಎಸ್.ಎ. ರಾಮದಾಸ್ ತಿಳಿಸಿದರು. ವಿದ್ಯಾರ್ಥಿಗಳು ನೀಡಿರುವ ಮಣ್ಣಿನ ಗೌರಿ ಮತ್ತು ಗಣೇಶ ವಿಗ್ರಹವನ್ನೇ ನಮ್ಮ ಕಛೇರಿಯಲ್ಲಿ ಪ್ರತಿಷ್ಠಾಪಿಸುತ್ತೇವೆ ಎಂದರು. ಪಿಒಪಿಯಿಂದ ಮಾಡುವ ಗಣಪತಿಯನ್ನು ಬಳಸುವುದರಿಂದ ನೀರಿನ ಮಾಲಿನ್ಯತೆ ಹೆಚ್ಚಾಗಲಿದ್ದು, ಮಣ್ಣಿನ ಗಣಪತಿ ಬಳಸುವುದರಿಂದ ಕುಂಬಾರರಿಗೆ ಪ್ರೋತ್ಸಾಹ ನೀಡಿದಂತಾಗುತ್ತದೆ ಎಂದು ಶಾಸಕ ಎಸ್.ಎ. ರಾಮದಾಸ್ ತಿಳಿಸಿದರು. ವಿದ್ಯಾರ್ಥಿಗಳು ನೀಡಿರುವ ಮಣ್ಣಿನ ಗೌರಿ ಮತ್ತು ಗಣೇಶ ವಿಗ್ರಹವನ್ನೇ ನಮ್ಮ ಕಛೇರಿಯಲ್ಲಿ ಪ್ರತಿಷ್ಠಾಪಿಸುತ್ತೇವೆ ಎಂದರು. ಪಿಒಪಿಯಿಂದ ಮಾಡುವ ಗಣಪತಿಯನ್ನು ಬಳಸುವುದರಿಂದ ನೀರಿನ ಮಾಲಿನ್ಯತೆ ಹೆಚ್ಚಾಗಲಿದ್ದು, ಮಣ್ಣಿನ ಗಣಪತಿ ಬಳಸುವುದರಿಂದ ಕುಂಬಾರರಿಗೆ ಪ್ರೋತ್ಸಾಹ ನೀಡಿದಂತಾಗುತ್ತದೆ ಎಂದು ಶಾಸಕ ಎಸ್.ಎ. ರಾಮದಾಸ್ ತಿಳಿಸಿದರು. ವಿದ್ಯಾರ್ಥಿಗಳು ನೀಡಿರುವ ಮಣ್ಣಿನ ಗೌರಿ ಮತ್ತು ಗಣೇಶ ವಿಗ್ರಹವನ್ನೇ ನಮ್ಮ ಕಛೇರಿಯಲ್ಲಿ ಪ್ರತಿಷ್ಠಾಪಿಸುತ್ತೇವೆ ಎಂದರು.
Printed by T.S. Gopinath, Published by M. Govinde Gowda on behalf of Academy Newspapers Private Limited, 15-C Industrial 'A' Layout, Bannimantap, Mysore-570 015 and Printed at Academy Newspapers
Private Limited, 15-C Industrial 'A' Layout, Bannimantap, Mysore-570 015 and Published at 15-C Industrial 'A' Layout, Bannimantap, Mysore-570 015, Editor: M. Govinde Gowda Ph: 2496520 / 2496521
/ 2496526 / 2496527 / 2496528. Fax: 0821-2496525. CITY OFFICES: Visveswaraya Building, III Floor, K.R. CIRCLE, MYSORE-570 001, Ph: 2431774 and No. 114, D. DEVARAJ URS ROAD (Opposite
Big Bus), MYSORE-570 001. Ph: 2428695. RNI Reg. No. 36581 / 1980 E-mail address: mysoorumithra@gmail.com For advertisements: mysoorumithra@gmail.com
